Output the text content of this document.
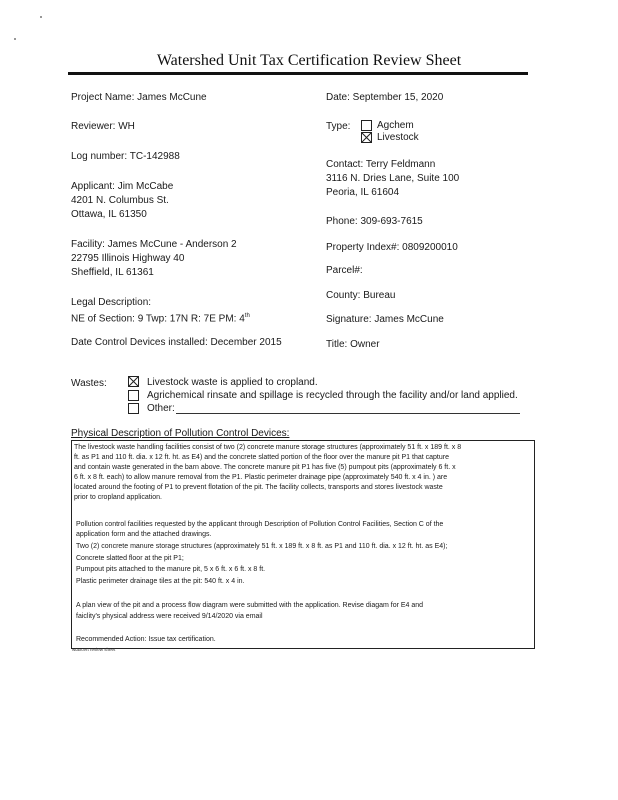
Watershed Unit Tax Certification Review Sheet
Project Name: James McCune
Reviewer: WH
Log number: TC-142988
Applicant: Jim McCabe
4201 N. Columbus St.
Ottawa, IL 61350
Facility: James McCune - Anderson 2
22795 Illinois Highway 40
Sheffield, IL 61361
Legal Description:
NE of Section: 9 Twp: 17N R: 7E PM: 4th
Date Control Devices installed: December 2015
Date: September 15, 2020
Type:	Agchem
Livestock
Contact: Terry Feldmann
3116 N. Dries Lane, Suite 100
Peoria, IL 61604
Phone: 309-693-7615
Property Index#: 0809200010
Parcel#:
County: Bureau
Signature: James McCune
Title: Owner
Wastes:	Livestock waste is applied to cropland.
Agrichemical rinsate and spillage is recycled through the facility and/or land applied.
Other:
Physical Description of Pollution Control Devices:
The livestock waste handling facilities consist of two (2) concrete manure storage structures (approximately 51 ft. x 189 ft. x 8
ft. as P1 and 110 ft. dia. x 12 ft. ht. as E4) and the concrete slatted portion of the floor over the manure pit P1 that capture
and contain waste generated in the barn above. The concrete manure pit P1 has five (5) pumpout pits (approximately 6 ft. x
6 ft. x 8 ft. each) to allow manure removal from the P1. Plastic perimeter drainage pipe (approximately 540 ft. x 4 in. ) are
located around the footing of P1 to prevent flotation of the pit. The facility collects, transports and stores livestock waste
prior to cropland application.
Pollution control facilities requested by the applicant through Description of Pollution Control Facilities, Section C of the
application form and the attached drawings.
Two (2) concrete manure storage structures (approximately 51 ft. x 189 ft. x 8 ft. as P1 and 110 ft. dia. x 12 ft. ht. as E4);
Concrete slatted floor at the pit P1;
Pumpout pits attached to the manure pit, 5 x 6 ft. x 6 ft. x 8 ft.
Plastic perimeter drainage tiles at the pit: 540 ft. x 4 in.
A plan view of the pit and a process flow diagram were submitted with the application. Revise diagam for E4 and
faiclity's physical address were received 9/14/2020 via email
Recommended Action: Issue tax certification.
wtaxcert review sheet
